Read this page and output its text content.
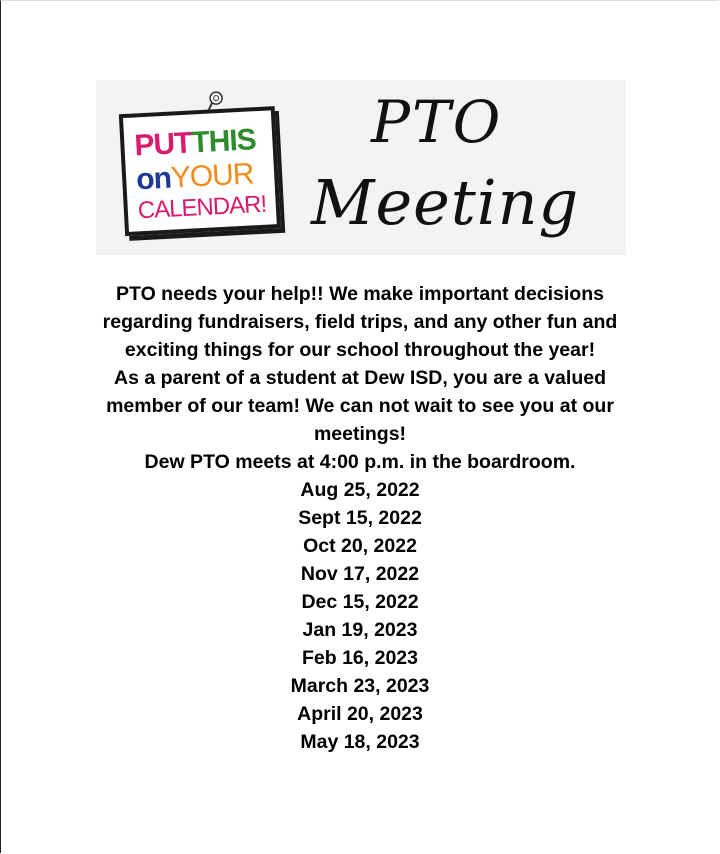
PUTTHIS
onYOUR
CALENDAR!
PTO
Meeting

PTO needs your help!! We make important decisions regarding fundraisers, field trips, and any other fun and exciting things for our school throughout the year!

As a parent of a student at Dew ISD, you are a valued member of our team! We can not wait to see you at our meetings!

Dew PTO meets at 4:00 p.m. in the boardroom.

Aug 25, 2022
Sept 15, 2022
Oct 20, 2022
Nov 17, 2022
Dec 15, 2022
Jan 19, 2023
Feb 16, 2023
March 23, 2023
April 20, 2023
May 18, 2023
